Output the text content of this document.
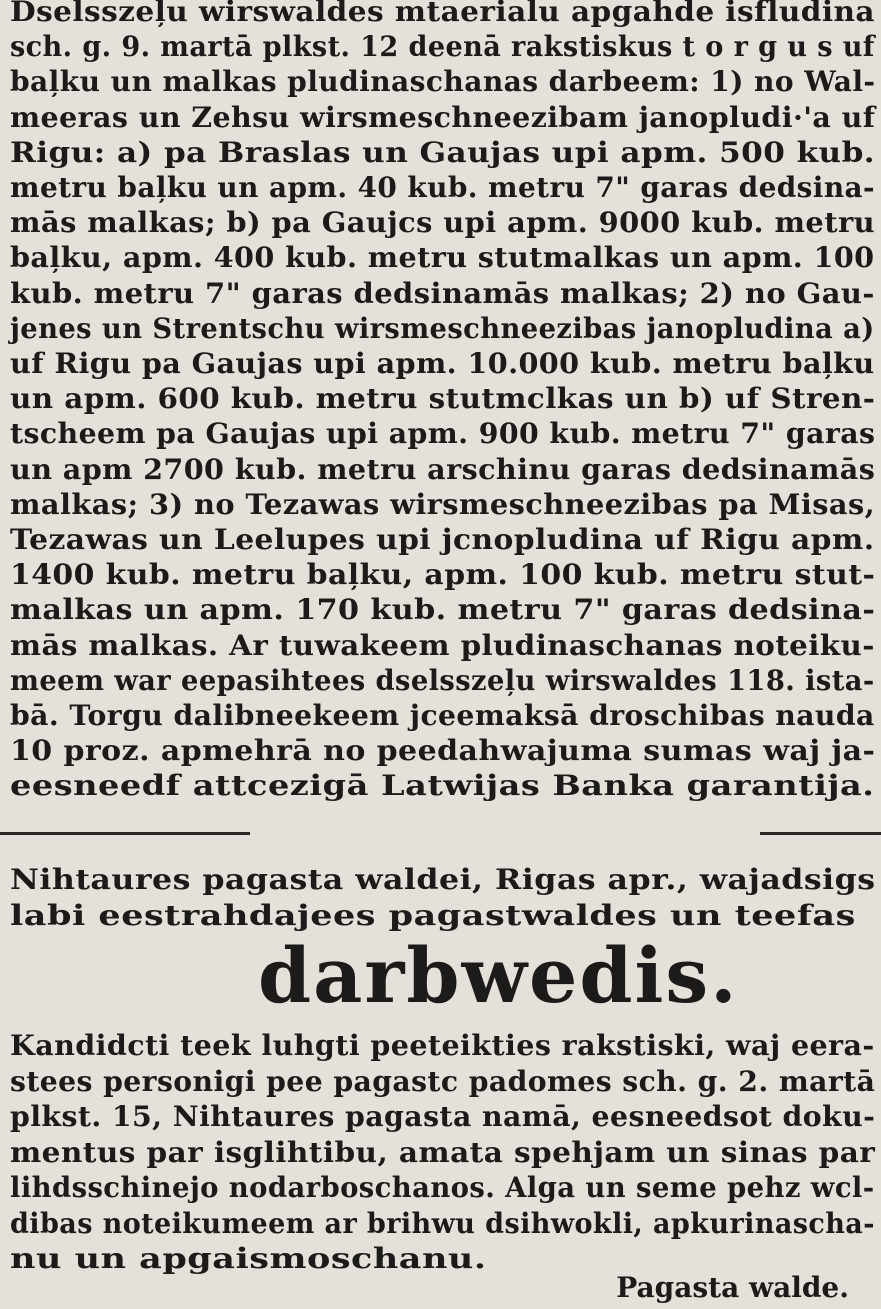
Dselsszeļu wirswaldes mtaerialu apgahde isfludina
sch. g. 9. martā plkst. 12 deenā rakstiskus t o r g u s uf
baļku un malkas pludinaschanas darbeem: 1) no Wal-
meeras un Zehsu wirsmeschneezibam janopludi·'a uf
Rigu: a) pa Braslas un Gaujas upi apm. 500 kub.
metru baļku un apm. 40 kub. metru 7" garas dedsina-
mās malkas; b) pa Gaujcs upi apm. 9000 kub. metru
baļku, apm. 400 kub. metru stutmalkas un apm. 100
kub. metru 7" garas dedsinamās malkas; 2) no Gau-
jenes un Strentschu wirsmeschneezibas janopludina a)
uf Rigu pa Gaujas upi apm. 10.000 kub. metru baļku
un apm. 600 kub. metru stutmclkas un b) uf Stren-
tscheem pa Gaujas upi apm. 900 kub. metru 7" garas
un apm 2700 kub. metru arschinu garas dedsinamās
malkas; 3) no Tezawas wirsmeschneezibas pa Misas,
Tezawas un Leelupes upi jcnopludina uf Rigu apm.
1400 kub. metru baļku, apm. 100 kub. metru stut-
malkas un apm. 170 kub. metru 7" garas dedsina-
mās malkas. Ar tuwakeem pludinaschanas noteiku-
meem war eepasihtees dselsszeļu wirswaldes 118. ista-
bā. Torgu dalibneekeem jceemaksā droschibas nauda
10 proz. apmehrā no peedahwajuma sumas waj ja-
eesneedf attcezigā Latwijas Banka garantija.
Nihtaures pagasta waldei, Rigas apr., wajadsigs
labi eestrahdajees pagastwaldes un teefas
Kandidcti teek luhgti peeteikties rakstiski, waj eera-
stees personigi pee pagastc padomes sch. g. 2. martā
plkst. 15, Nihtaures pagasta namā, eesneedsot doku-
mentus par isglihtibu, amata spehjam un sinas par
lihdsschinejo nodarboschanos. Alga un seme pehz wcl-
dibas noteikumeem ar brihwu dsihwokli, apkurinascha-
nu un apgaismoschanu.
darbwedis.
Pagasta walde.
